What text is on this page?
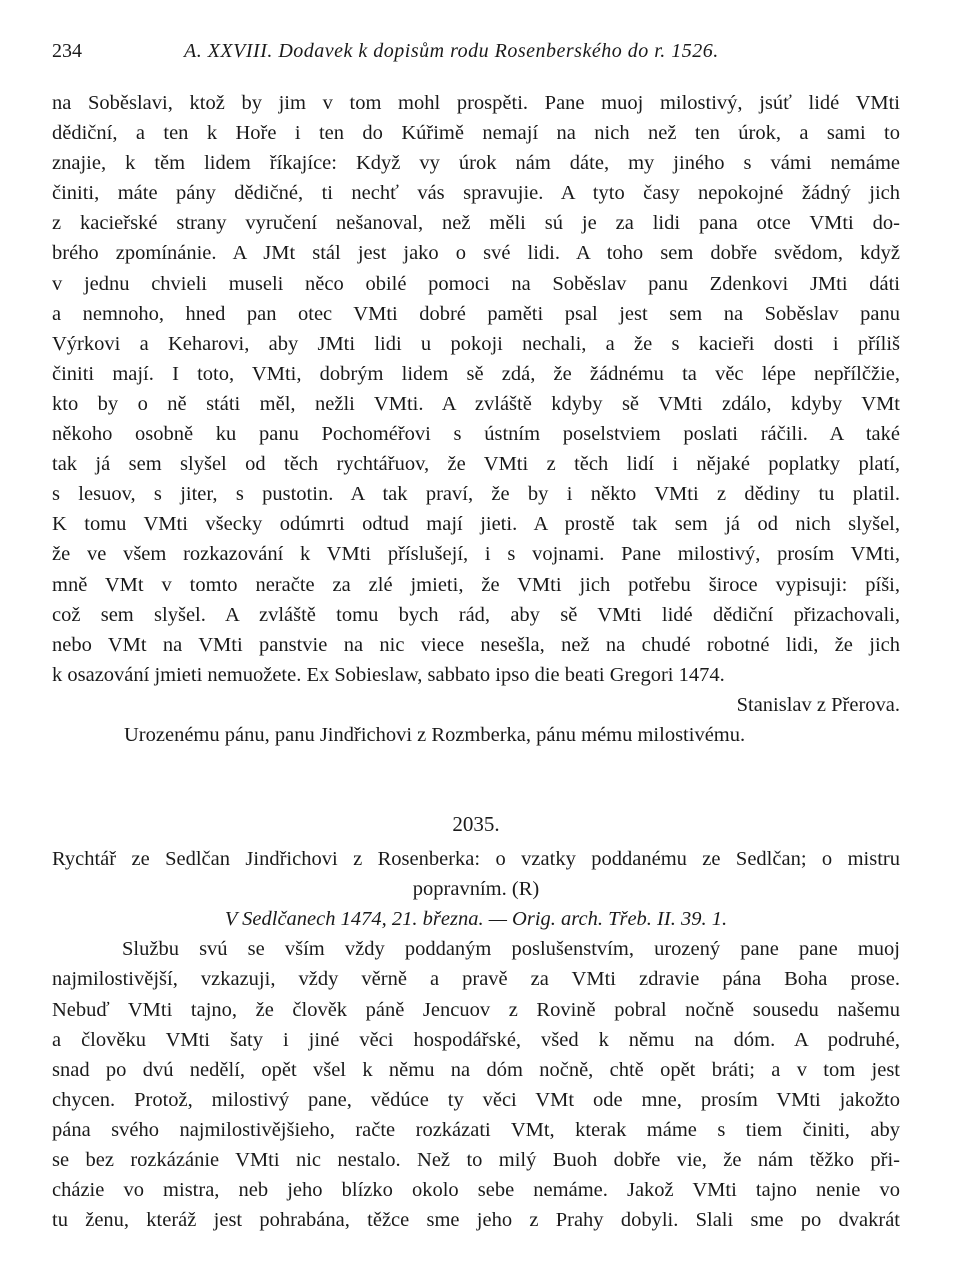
234	A. XXVIII. Dodavek k dopisům rodu Rosenberského do r. 1526.
na Soběslavi, ktož by jim v tom mohl prospěti. Pane muoj milostivý, jsúť lidé VMti
dědiční, a ten k Hoře i ten do Kúřimě nemají na nich než ten úrok, a sami to
znajie, k těm lidem říkajíce: Když vy úrok nám dáte, my jiného s vámi nemáme
činiti, máte pány dědičné, ti nechť vás spravujie. A tyto časy nepokojné žádný jich
z kacieřské strany vyručení nešanoval, než měli sú je za lidi pana otce VMti do-
brého zpomínánie. A JMt stál jest jako o své lidi. A toho sem dobře svědom, když
v jednu chvieli museli něco obilé pomoci na Soběslav panu Zdenkovi JMti dáti
a nemnoho, hned pan otec VMti dobré paměti psal jest sem na Soběslav panu
Výrkovi a Keharovi, aby JMti lidi u pokoji nechali, a že s kacieři dosti i příliš
činiti mají. I toto, VMti, dobrým lidem sě zdá, že žádnému ta věc lépe nepřílčžie,
kto by o ně státi měl, nežli VMti. A zvláště kdyby sě VMti zdálo, kdyby VMt
někoho osobně ku panu Pochoméřovi s ústním poselstviem poslati ráčili. A také
tak já sem slyšel od těch rychtářuov, že VMti z těch lidí i nějaké poplatky platí,
s lesuov, s jiter, s pustotin. A tak praví, že by i někto VMti z dědiny tu platil.
K tomu VMti všecky odúmrti odtud mají jieti. A prostě tak sem já od nich slyšel,
že ve všem rozkazování k VMti příslušejí, i s vojnami. Pane milostivý, prosím VMti,
mně VMt v tomto neračte za zlé jmieti, že VMti jich potřebu široce vypisuji: píši,
což sem slyšel. A zvláště tomu bych rád, aby sě VMti lidé dědiční přizachovali,
nebo VMt na VMti panstvie na nic viece nesešla, než na chudé robotné lidi, že jich
k osazování jmieti nemuožete. Ex Sobieslaw, sabbato ipso die beati Gregori 1474.
Stanislav z Přerova.
Urozenému pánu, panu Jindřichovi z Rozmberka, pánu mému milostivému.
2035.
Rychtář ze Sedlčan Jindřichovi z Rosenberka: o vzatky poddanému ze Sedlčan; o mistru
popravním. (R)
V Sedlčanech 1474, 21. března. — Orig. arch. Třeb. II. 39. 1.
Službu svú se vším vždy poddaným poslušenstvím, urozený pane pane muoj
najmilostivější, vzkazuji, vždy věrně a pravě za VMti zdravie pána Boha prose.
Nebuď VMti tajno, že člověk páně Jencuov z Rovině pobral nočně sousedu našemu
a člověku VMti šaty i jiné věci hospodářské, všed k němu na dóm. A podruhé,
snad po dvú nedělí, opět všel k němu na dóm nočně, chtě opět bráti; a v tom jest
chycen. Protož, milostivý pane, vědúce ty věci VMt ode mne, prosím VMti jakožto
pána svého najmilostivějšieho, račte rozkázati VMt, kterak máme s tiem činiti, aby
se bez rozkázánie VMti nic nestalo. Než to milý Buoh dobře vie, že nám těžko při-
cházie vo mistra, neb jeho blízko okolo sebe nemáme. Jakož VMti tajno nenie vo
tu ženu, kteráž jest pohrabána, těžce sme jeho z Prahy dobyli. Slali sme po dvakrát
